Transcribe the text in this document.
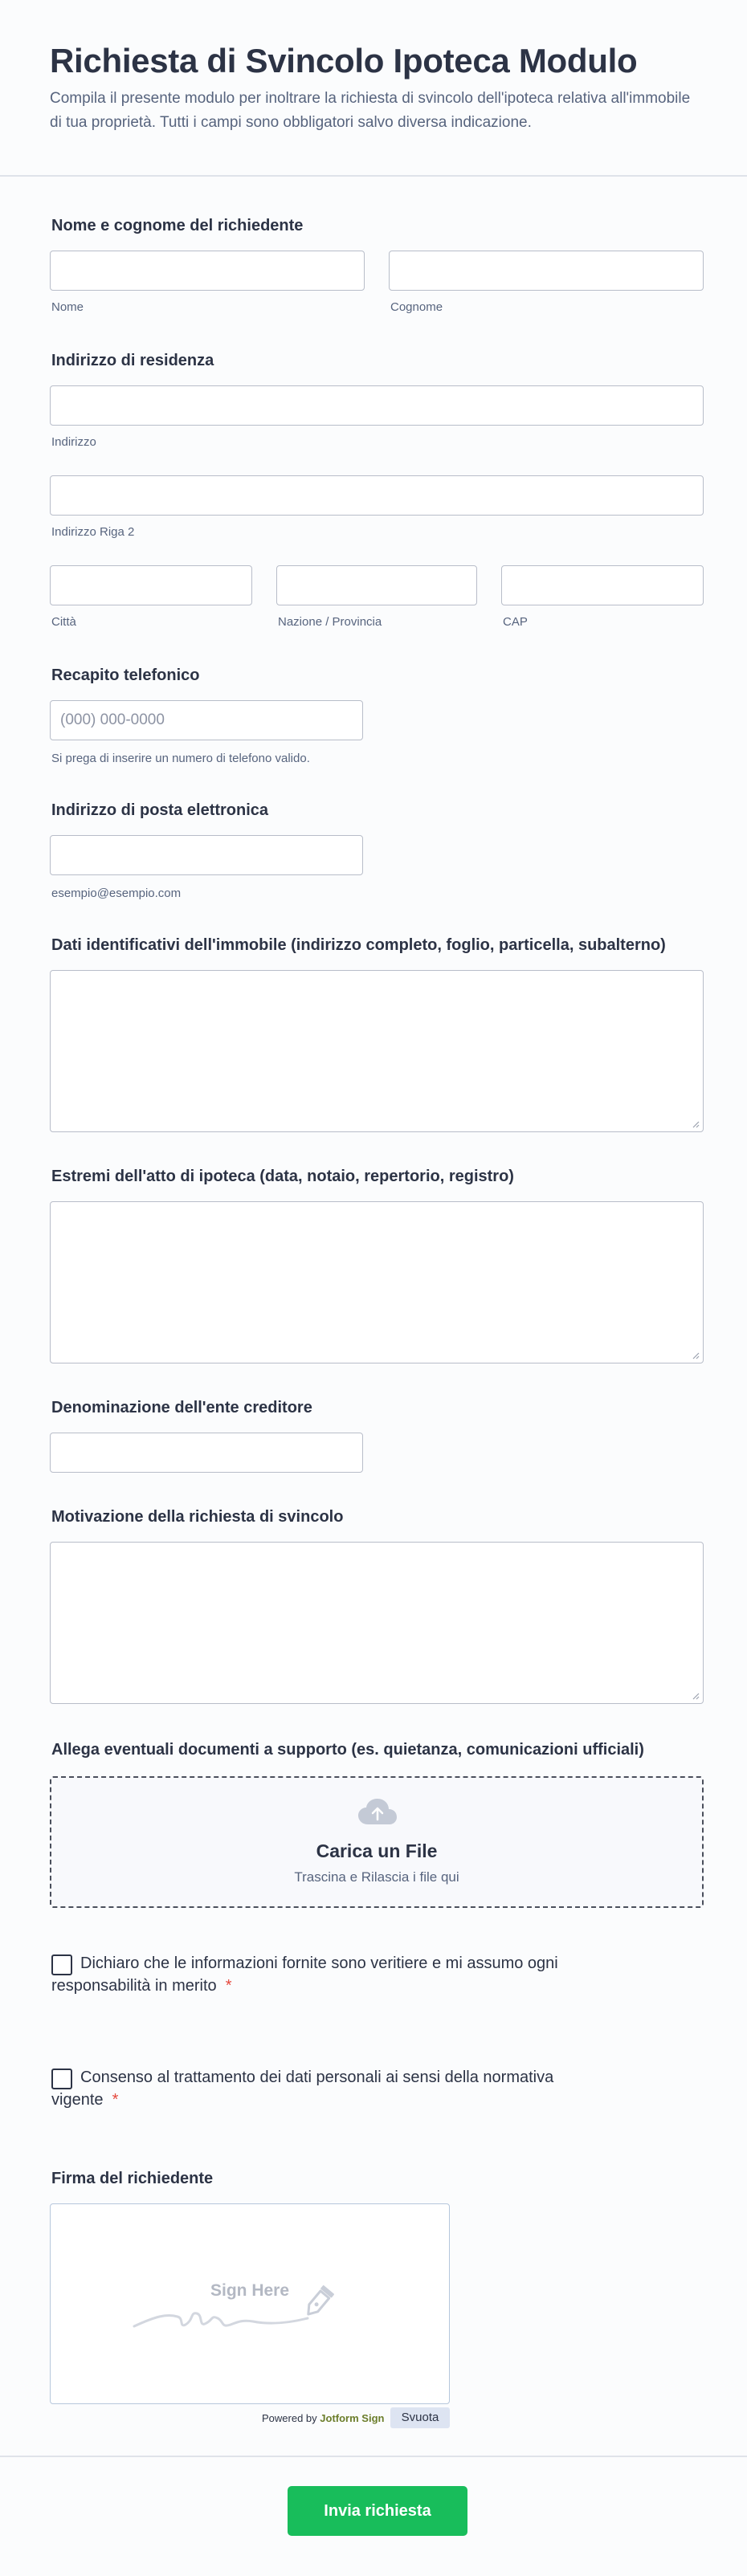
Richiesta di Svincolo Ipoteca Modulo
Compila il presente modulo per inoltrare la richiesta di svincolo dell'ipoteca relativa all'immobile di tua proprietà. Tutti i campi sono obbligatori salvo diversa indicazione.
Nome e cognome del richiedente
Nome	Cognome
Indirizzo di residenza
Indirizzo
Indirizzo Riga 2
Città	Nazione / Provincia	CAP
Recapito telefonico
(000) 000-0000
Si prega di inserire un numero di telefono valido.
Indirizzo di posta elettronica
esempio@esempio.com
Dati identificativi dell'immobile (indirizzo completo, foglio, particella, subalterno)
Estremi dell'atto di ipoteca (data, notaio, repertorio, registro)
Denominazione dell'ente creditore
Motivazione della richiesta di svincolo
Allega eventuali documenti a supporto (es. quietanza, comunicazioni ufficiali)
Carica un File
Trascina e Rilascia i file qui
Dichiaro che le informazioni fornite sono veritiere e mi assumo ogni responsabilità in merito *
Consenso al trattamento dei dati personali ai sensi della normativa vigente *
Firma del richiedente
Sign Here
Powered by Jotform Sign	Svuota
Invia richiesta
